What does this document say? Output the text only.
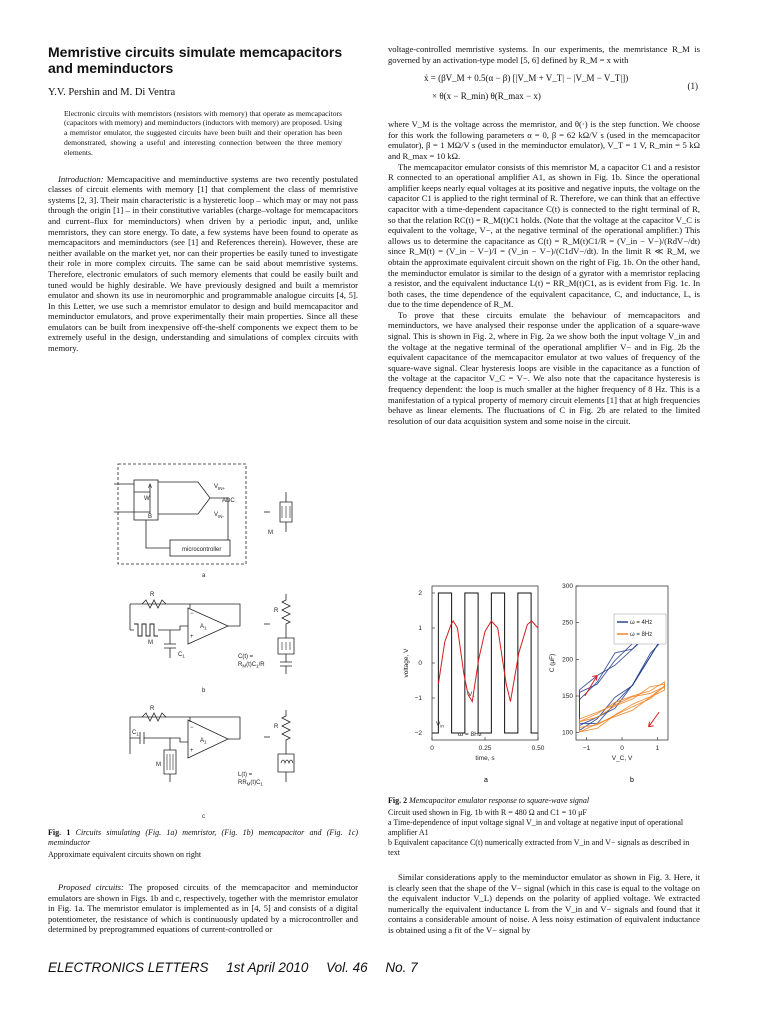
Memristive circuits simulate memcapacitors and meminductors
Y.V. Pershin and M. Di Ventra
Electronic circuits with memristors (resistors with memory) that operate as memcapacitors (capacitors with memory) and meminductors (inductors with memory) are proposed. Using a memristor emulator, the suggested circuits have been built and their operation has been demonstrated, showing a useful and interesting connection between the three memory elements.

Introduction: Memcapacitive and meminductive systems are two recently postulated classes of circuit elements with memory [1] that complement the class of memristive systems [2, 3]. Their main characteristic is a hysteretic loop – which may or may not pass through the origin [1] – in their constitutive variables (charge–voltage for memcapacitors and current–flux for meminductors) when driven by a periodic input, and, unlike memristors, they can store energy. To date, a few systems have been found to operate as memcapacitors and meminductors (see [1] and References therein). However, these are neither available on the market yet, nor can their properties be easily tuned to investigate their role in more complex circuits. The same can be said about memristive systems. Therefore, electronic emulators of such memory elements that could be easily built and tuned would be highly desirable. We have previously designed and built a memristor emulator and shown its use in neuromorphic and programmable analogue circuits [4, 5]. In this Letter, we use such a memristor emulator to design and build memcapacitor and meminductor emulators, and prove experimentally their main properties. Since all these emulators can be built from inexpensive off-the-shelf components we expect them to be extremely useful in the design, understanding and simulations of complex circuits with memory.

A
W
B
$V_{IN+}$
ADC
$V_{IN-}$
microcontroller
M
a
R
M
−
+
$A_1$
$C_1$
R
C(t) =
$R_M(t)C_1/R$
b
R
$C_1$
−
+
$A_1$
M
R
L(t) =
$RR_M(t)C_1$
c
Fig. 1 Circuits simulating (Fig. 1a) memristor, (Fig. 1b) memcapacitor and (Fig. 1c) meminductor
Approximate equivalent circuits shown on right

Proposed circuits: The proposed circuits of the memcapacitor and meminductor emulators are shown in Figs. 1b and c, respectively, together with the memristor emulator in Fig. 1a. The memristor emulator is implemented as in [4, 5] and consists of a digital potentiometer, the resistance of which is continuously updated by a microcontroller and determined by preprogrammed equations of current-controlled or

voltage-controlled memristive systems. In our experiments, the memristance R_M is governed by an activation-type model [5, 6] defined by R_M = x with

ẋ = (βV_M + 0.5(α − β) [|V_M + V_T| − |V_M − V_T|])
× θ(x − R_min) θ(R_max − x)
(1)

where V_M is the voltage across the memristor, and θ(·) is the step function. We choose for this work the following parameters α = 0, β = 62 kΩ/V s (used in the memcapacitor emulator), β = 1 MΩ/V s (used in the meminductor emulator), V_T = 1 V, R_min = 5 kΩ and R_max = 10 kΩ.

The memcapacitor emulator consists of this memristor M, a capacitor C1 and a resistor R connected to an operational amplifier A1, as shown in Fig. 1b. Since the operational amplifier keeps nearly equal voltages at its positive and negative inputs, the voltage on the capacitor C1 is applied to the right terminal of R. Therefore, we can think that an effective capacitor with a time-dependent capacitance C(t) is connected to the right terminal of R, so that the relation RC(t) = R_M(t)C1 holds. (Note that the voltage at the capacitor V_C is equivalent to the voltage, V−, at the negative terminal of the operational amplifier.) This allows us to determine the capacitance as C(t) = R_M(t)C1/R = (V_in − V−)/(RdV−/dt) since R_M(t) = (V_in − V−)/I = (V_in − V−)/(C1dV−/dt). In the limit R ≪ R_M, we obtain the approximate equivalent circuit shown on the right of Fig. 1b. On the other hand, the meminductor emulator is similar to the design of a gyrator with a memristor replacing a resistor, and the equivalent inductance L(t) = RR_M(t)C1, as is evident from Fig. 1c. In both cases, the time dependence of the equivalent capacitance, C, and inductance, L, is due to the time dependence of R_M.

To prove that these circuits emulate the behaviour of memcapacitors and meminductors, we have analysed their response under the application of a square-wave signal. This is shown in Fig. 2, where in Fig. 2a we show both the input voltage V_in and the voltage at the negative terminal of the operational amplifier V− and in Fig. 2b the equivalent capacitance of the memcapacitor emulator at two values of frequency of the square-wave signal. Clear hysteresis loops are visible in the capacitance as a function of the voltage at the capacitor V_C = V−. We also note that the capacitance hysteresis is frequency dependent: the loop is much smaller at the higher frequency of 8 Hz. This is a manifestation of a typical property of memory circuit elements [1] that at high frequencies behave as linear elements. The fluctuations of C in Fig. 2b are related to the limited resolution of our data acquisition system and some noise in the circuit.

−2
−1
0
1
2
0	0.25	0.50
time, s
voltage, V
$V_{in}$
$V_-$
ω = 8Hz	100
150
200
250
300
−1	0	1
V_C, V
C (μF)
ω = 4Hz
ω = 8Hz
a	b
Fig. 2 Memcapacitor emulator response to square-wave signal
Circuit used shown in Fig. 1b with R = 480 Ω and C1 = 10 μF
a Time-dependence of input voltage signal V_in and voltage at negative input of operational amplifier A1
b Equivalent capacitance C(t) numerically extracted from V_in and V− signals as described in text

Similar considerations apply to the meminductor emulator as shown in Fig. 3. Here, it is clearly seen that the shape of the V− signal (which in this case is equal to the voltage on the equivalent inductor V_L) depends on the polarity of applied voltage. We extracted numerically the equivalent inductance L from the V_in and V− signals and found that it contains a considerable amount of noise. A less noisy estimation of equivalent inductance is obtained using a fit of the V− signal by

ELECTRONICS LETTERS 1st April 2010 Vol. 46 No. 7
